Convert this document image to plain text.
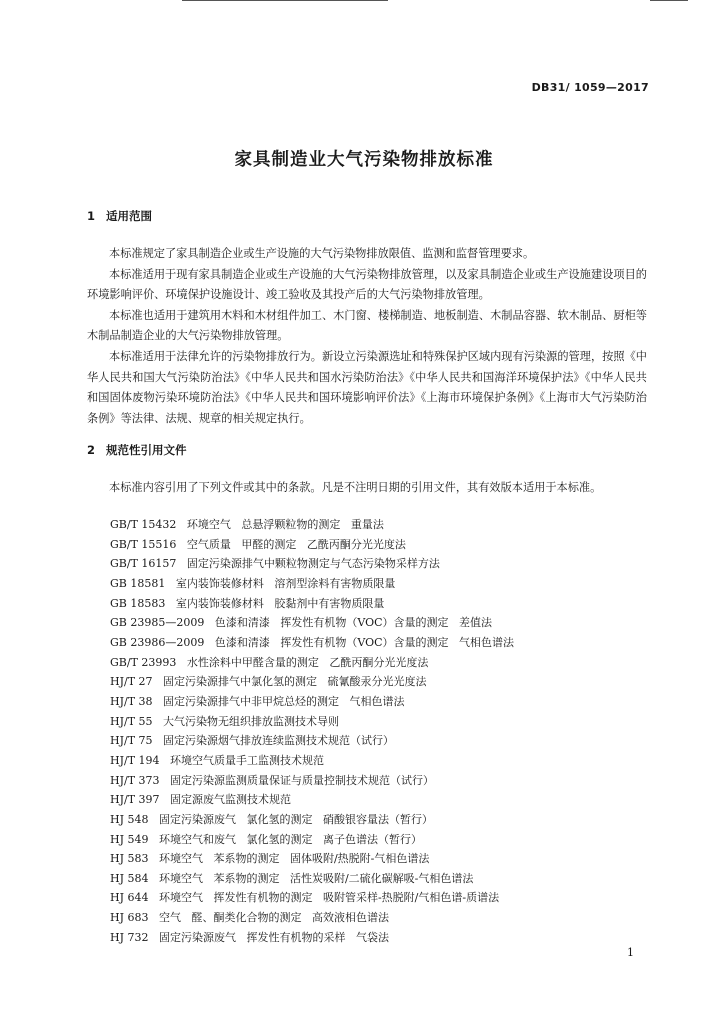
DB31/ 1059—2017
家具制造业大气污染物排放标准
1 适用范围
本标准规定了家具制造企业或生产设施的大气污染物排放限值、监测和监督管理要求。
本标准适用于现有家具制造企业或生产设施的大气污染物排放管理，以及家具制造企业或生产设施建设项目的环境影响评价、环境保护设施设计、竣工验收及其投产后的大气污染物排放管理。
本标准也适用于建筑用木料和木材组件加工、木门窗、楼梯制造、地板制造、木制品容器、软木制品、厨柜等木制品制造企业的大气污染物排放管理。
本标准适用于法律允许的污染物排放行为。新设立污染源选址和特殊保护区域内现有污染源的管理，按照《中华人民共和国大气污染防治法》《中华人民共和国水污染防治法》《中华人民共和国海洋环境保护法》《中华人民共和国固体废物污染环境防治法》《中华人民共和国环境影响评价法》《上海市环境保护条例》《上海市大气污染防治条例》等法律、法规、规章的相关规定执行。
2 规范性引用文件
本标准内容引用了下列文件或其中的条款。凡是不注明日期的引用文件，其有效版本适用于本标准。
GB/T 15432   环境空气   总悬浮颗粒物的测定   重量法
GB/T 15516   空气质量   甲醛的测定   乙酰丙酮分光光度法
GB/T 16157   固定污染源排气中颗粒物测定与气态污染物采样方法
GB 18581   室内装饰装修材料   溶剂型涂料有害物质限量
GB 18583   室内装饰装修材料   胶黏剂中有害物质限量
GB 23985—2009   色漆和清漆   挥发性有机物（VOC）含量的测定   差值法
GB 23986—2009   色漆和清漆   挥发性有机物（VOC）含量的测定   气相色谱法
GB/T 23993   水性涂料中甲醛含量的测定   乙酰丙酮分光光度法
HJ/T 27   固定污染源排气中氯化氢的测定   硫氰酸汞分光光度法
HJ/T 38   固定污染源排气中非甲烷总烃的测定   气相色谱法
HJ/T 55   大气污染物无组织排放监测技术导则
HJ/T 75   固定污染源烟气排放连续监测技术规范（试行）
HJ/T 194   环境空气质量手工监测技术规范
HJ/T 373   固定污染源监测质量保证与质量控制技术规范（试行）
HJ/T 397   固定源废气监测技术规范
HJ 548   固定污染源废气   氯化氢的测定   硝酸银容量法（暂行）
HJ 549   环境空气和废气   氯化氢的测定   离子色谱法（暂行）
HJ 583   环境空气   苯系物的测定   固体吸附/热脱附-气相色谱法
HJ 584   环境空气   苯系物的测定   活性炭吸附/二硫化碳解吸-气相色谱法
HJ 644   环境空气   挥发性有机物的测定   吸附管采样-热脱附/气相色谱-质谱法
HJ 683   空气   醛、酮类化合物的测定   高效液相色谱法
HJ 732   固定污染源废气   挥发性有机物的采样   气袋法
1
